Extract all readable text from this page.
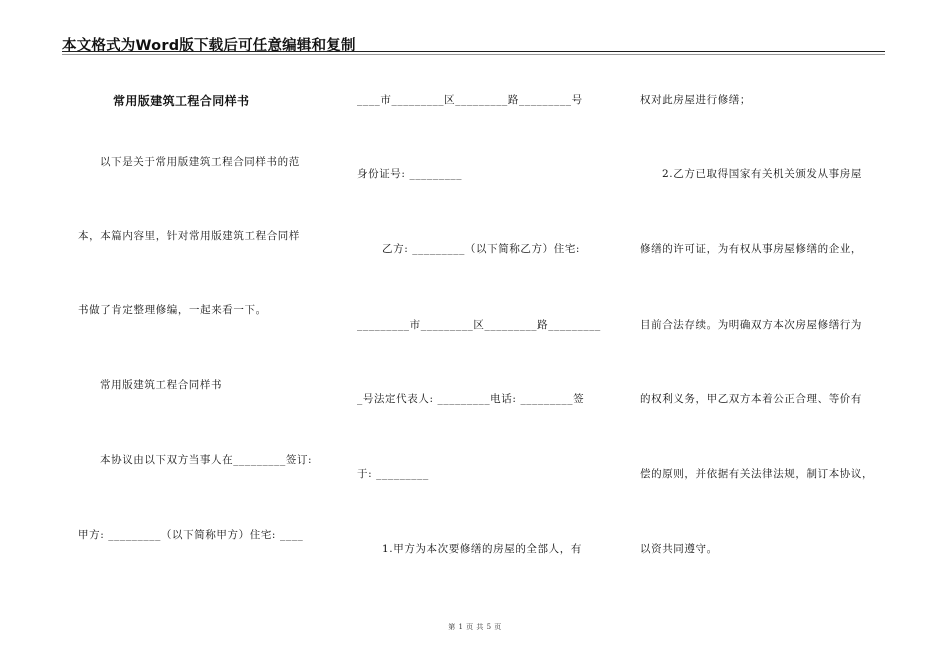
本文格式为Word版下载后可任意编辑和复制
常用版建筑工程合同样书
以下是关于常用版建筑工程合同样书的范
本，本篇内容里，针对常用版建筑工程合同样
书做了肯定整理修编，一起来看一下。
常用版建筑工程合同样书
本协议由以下双方当事人在_________签订:
甲方: _________（以下简称甲方）住宅: ____
____市_________区_________路_________号
身份证号: _________
乙方: _________（以下简称乙方）住宅:
_________市_________区_________路_________
_号法定代表人: _________电话: _________签
于: _________
1.甲方为本次要修缮的房屋的全部人，有
权对此房屋进行修缮；
2.乙方已取得国家有关机关颁发从事房屋
修缮的许可证，为有权从事房屋修缮的企业，
目前合法存续。为明确双方本次房屋修缮行为
的权利义务，甲乙双方本着公正合理、等价有
偿的原则，并依据有关法律法规，制订本协议，
以资共同遵守。
第 1 页 共 5 页
